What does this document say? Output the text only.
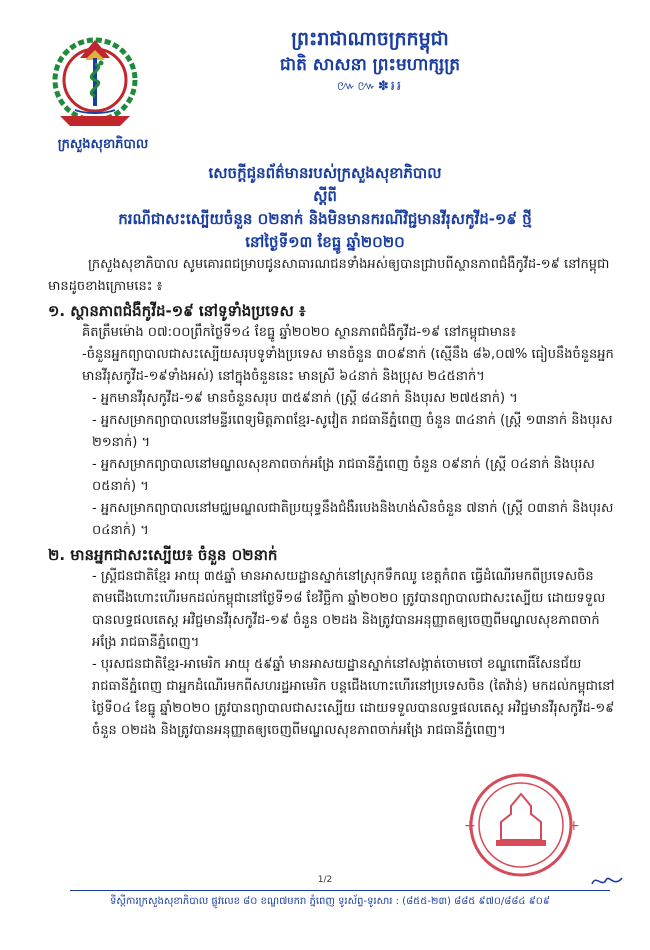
ក្រសួងសុខាភិបាល
ព្រះរាជាណាចក្រកម្ពុជា
ជាតិ សាសនា ព្រះមហាក្សត្រ
៚៚✽៛៛
សេចក្តីជូនព័ត៌មានរបស់ក្រសួងសុខាភិបាល
ស្តីពី
ករណីជាសះស្បើយចំនួន ០២នាក់ និងមិនមានករណីវិជ្ជមានវីរុសកូវីដ-១៩ ថ្មី
នៅថ្ងៃទី១៣ ខែធ្នូ ឆ្នាំ២០២០

ក្រសួងសុខាភិបាល សូមគោរពជម្រាបជូនសាធារណជនទាំងអស់ឲ្យបានជ្រាបពីស្ថានភាពជំងឺកូវីដ-១៩ នៅកម្ពុជា មានដូចខាងក្រោមនេះ ៖

១. ស្ថានភាពជំងឺកូវីដ-១៩ នៅទូទាំងប្រទេស ៖

គិតត្រឹមម៉ោង ០៧:០០ព្រឹកថ្ងៃទី១៤ ខែធ្នូ ឆ្នាំ២០២០ ស្ថានភាពជំងឺកូវីដ-១៩ នៅកម្ពុជាមាន៖

-ចំនួនអ្នកព្យាបាលជាសះស្បើយសរុបទូទាំងប្រទេស មានចំនួន ៣០៩នាក់ (ស្មើនឹង ៨៦,០៧% ធៀបនឹងចំនួនអ្នកមានវីរុសកូវីដ-១៩ទាំងអស់) នៅក្នុងចំនួននេះ មានស្រី ៦៤នាក់ និងប្រុស ២៤៥នាក់។

- អ្នកមានវីរុសកូវីដ-១៩ មានចំនួនសរុប ៣៥៩នាក់ (ស្ត្រី ៨៤នាក់ និងបុរស ២៧៥នាក់) ។

- អ្នកសម្រាកព្យាបាលនៅមន្ទីរពេទ្យមិត្តភាពខ្មែរ-សូវៀត រាជធានីភ្នំពេញ ចំនួន ៣៤នាក់ (ស្ត្រី ១៣នាក់ និងបុរស ២១នាក់) ។

- អ្នកសម្រាកព្យាបាលនៅមណ្ឌលសុខភាពចាក់អង្រែ រាជធានីភ្នំពេញ ចំនួន ០៩នាក់ (ស្ត្រី ០៤នាក់ និងបុរស ០៥នាក់) ។

- អ្នកសម្រាកព្យាបាលនៅមជ្ឈមណ្ឌលជាតិប្រយុទ្ធនឹងជំងឺរបេងនិងហង់សិនចំនួន ៧នាក់ (ស្ត្រី ០៣នាក់ និងបុរស ០៤នាក់) ។

២. មានអ្នកជាសះស្បើយ៖ ចំនួន ០២នាក់

- ស្ត្រីជនជាតិខ្មែរ អាយុ ៣៥ឆ្នាំ មានអាសយដ្ឋានស្នាក់នៅស្រុកទឹកឈូ ខេត្តកំពត ធ្វើដំណើរមកពីប្រទេសចិន តាមជើងហោះហើរមកដល់កម្ពុជានៅថ្ងៃទី១៨ ខែវិច្ឆិកា ឆ្នាំ២០២០ ត្រូវបានព្យាបាលជាសះស្បើយ ដោយទទួលបានលទ្ធផលតេស្ត អវិជ្ជមានវីរុសកូវីដ-១៩ ចំនួន ០២ដង និងត្រូវបានអនុញ្ញាតឲ្យចេញពីមណ្ឌលសុខភាពចាក់អង្រែ រាជធានីភ្នំពេញ។

- បុរសជនជាតិខ្មែរ-អាមេរិក អាយុ ៥៩ឆ្នាំ មានអាសយដ្ឋានស្នាក់នៅសង្កាត់ចោមចៅ ខណ្ឌពោធិ៍សែនជ័យ រាជធានីភ្នំពេញ ជាអ្នកដំណើរមកពីសហរដ្ឋអាមេរិក បន្តជើងហោះហើរនៅប្រទេសចិន (តៃវ៉ាន់) មកដល់កម្ពុជានៅថ្ងៃទី០៤ ខែធ្នូ ឆ្នាំ២០២០ ត្រូវបានព្យាបាលជាសះស្បើយ ដោយទទួលបានលទ្ធផលតេស្ត អវិជ្ជមានវីរុសកូវីដ-១៩ ចំនួន ០២ដង និងត្រូវបានអនុញ្ញាតឲ្យចេញពីមណ្ឌលសុខភាពចាក់អង្រែ រាជធានីភ្នំពេញ។

+	+
1/2
ទីស្តីការក្រសួងសុខាភិបាល ផ្លូវលេខ ៨០ ខណ្ឌ៧មករា ភ្នំពេញ ទូរស័ព្ទ-ទូរសារ : (៨៥៥-២៣) ៨៨៥ ៩៧០/៨៨៤ ៩០៩
